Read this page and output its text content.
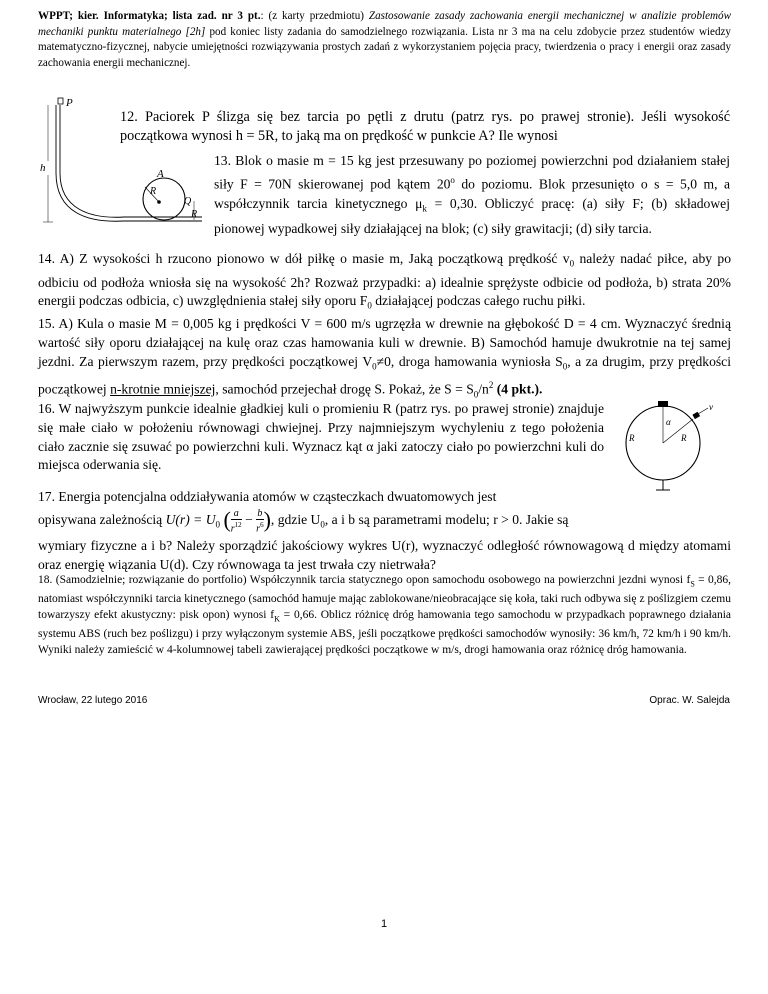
WPPT; kier. Informatyka; lista zad. nr 3 pt.: (z karty przedmiotu) Zastosowanie zasady zachowania energii mechanicznej w analizie problemów mechaniki punktu materialnego [2h] pod koniec listy zadania do samodzielnego rozwiązania. Lista nr 3 ma na celu zdobycie przez studentów wiedzy matematyczno-fizycznej, nabycie umiejętności rozwiązywania prostych zadań z wykorzystaniem pojęcia pracy, twierdzenia o pracy i energii oraz zasady zachowania energii mechanicznej.
P
h	A
R
Q
R
12. Paciorek P ślizga się bez tarcia po pętli z drutu (patrz rys. po prawej stronie). Jeśli wysokość początkowa wynosi h = 5R, to jaką ma on prędkość w punkcie A? Ile wynosi
13. Blok o masie m = 15 kg jest przesuwany po poziomej powierzchni pod działaniem stałej siły F = 70N skierowanej pod kątem 20$^o$ do poziomu. Blok przesunięto o s = 5,0 m, a współczynnik tarcia kinetycznego $\mu_k = 0,30$. Obliczyć pracę: (a) siły F; (b) składowej pionowej wypadkowej siły działającej na blok; (c) siły grawitacji; (d) siły tarcia.
14. A) Z wysokości h rzucono pionowo w dół piłkę o masie m, Jaką początkową prędkość $v_0$ należy nadać piłce, aby po odbiciu od podłoża wniosła się na wysokość 2h? Rozważ przypadki: a) idealnie sprężyste odbicie od podłoża, b) strata 20% energii podczas odbicia, c) uwzględnienia stałej siły oporu $F_0$ działającej podczas całego ruchu piłki.
15. A) Kula o masie M = 0,005 kg i prędkości V = 600 m/s ugrzęzła w drewnie na głębokość D = 4 cm. Wyznaczyć średnią wartość siły oporu działającej na kulę oraz czas hamowania kuli w drewnie. B) Samochód hamuje dwukrotnie na tej samej jezdni. Za pierwszym razem, przy prędkości początkowej $V_0\ne 0$, droga hamowania wyniosła $S_0$, a za drugim, przy prędkości początkowej n-krotnie mniejszej, samochód przejechał drogę S. Pokaż, że $S = S_0/n^2$ (4 pkt.).
R
α
R
v
16. W najwyższym punkcie idealnie gładkiej kuli o promieniu R (patrz rys. po prawej stronie) znajduje się małe ciało w położeniu równowagi chwiejnej. Przy najmniejszym wychyleniu z tego położenia ciało zacznie się zsuwać po powierzchni kuli. Wyznacz kąt α jaki zatoczy ciało po powierzchni kuli do miejsca oderwania się.
17. Energia potencjalna oddziaływania atomów w cząsteczkach dwuatomowych jest
opisywana zależnością $U(r) = U_0$ ( a
$r^{12} - b$
$r^6$), gdzie $U_0$, a i b są parametrami modelu; r > 0. Jakie są
wymiary fizyczne a i b? Należy sporządzić jakościowy wykres U(r), wyznaczyć odległość równowagową d między atomami oraz energię wiązania U(d). Czy równowaga ta jest trwała czy nietrwała?
18. (Samodzielnie; rozwiązanie do portfolio) Współczynnik tarcia statycznego opon samochodu osobowego na powierzchni jezdni wynosi $f_S = 0,86$, natomiast współczynniki tarcia kinetycznego (samochód hamuje mając zablokowane/nieobracające się koła, taki ruch odbywa się z poślizgiem czemu towarzyszy efekt akustyczny: pisk opon) wynosi $f_K = 0,66$. Oblicz różnicę dróg hamowania tego samochodu w przypadkach poprawnego działania systemu ABS (ruch bez poślizgu) i przy wyłączonym systemie ABS, jeśli początkowe prędkości samochodów wynosiły: 36 km/h, 72 km/h i 90 km/h. Wyniki należy zamieścić w 4-kolumnowej tabeli zawierającej prędkości początkowe w m/s, drogi hamowania oraz różnicę dróg hamowania.
Wrocław, 22 lutego 2016	Oprac. W. Salejda
1
